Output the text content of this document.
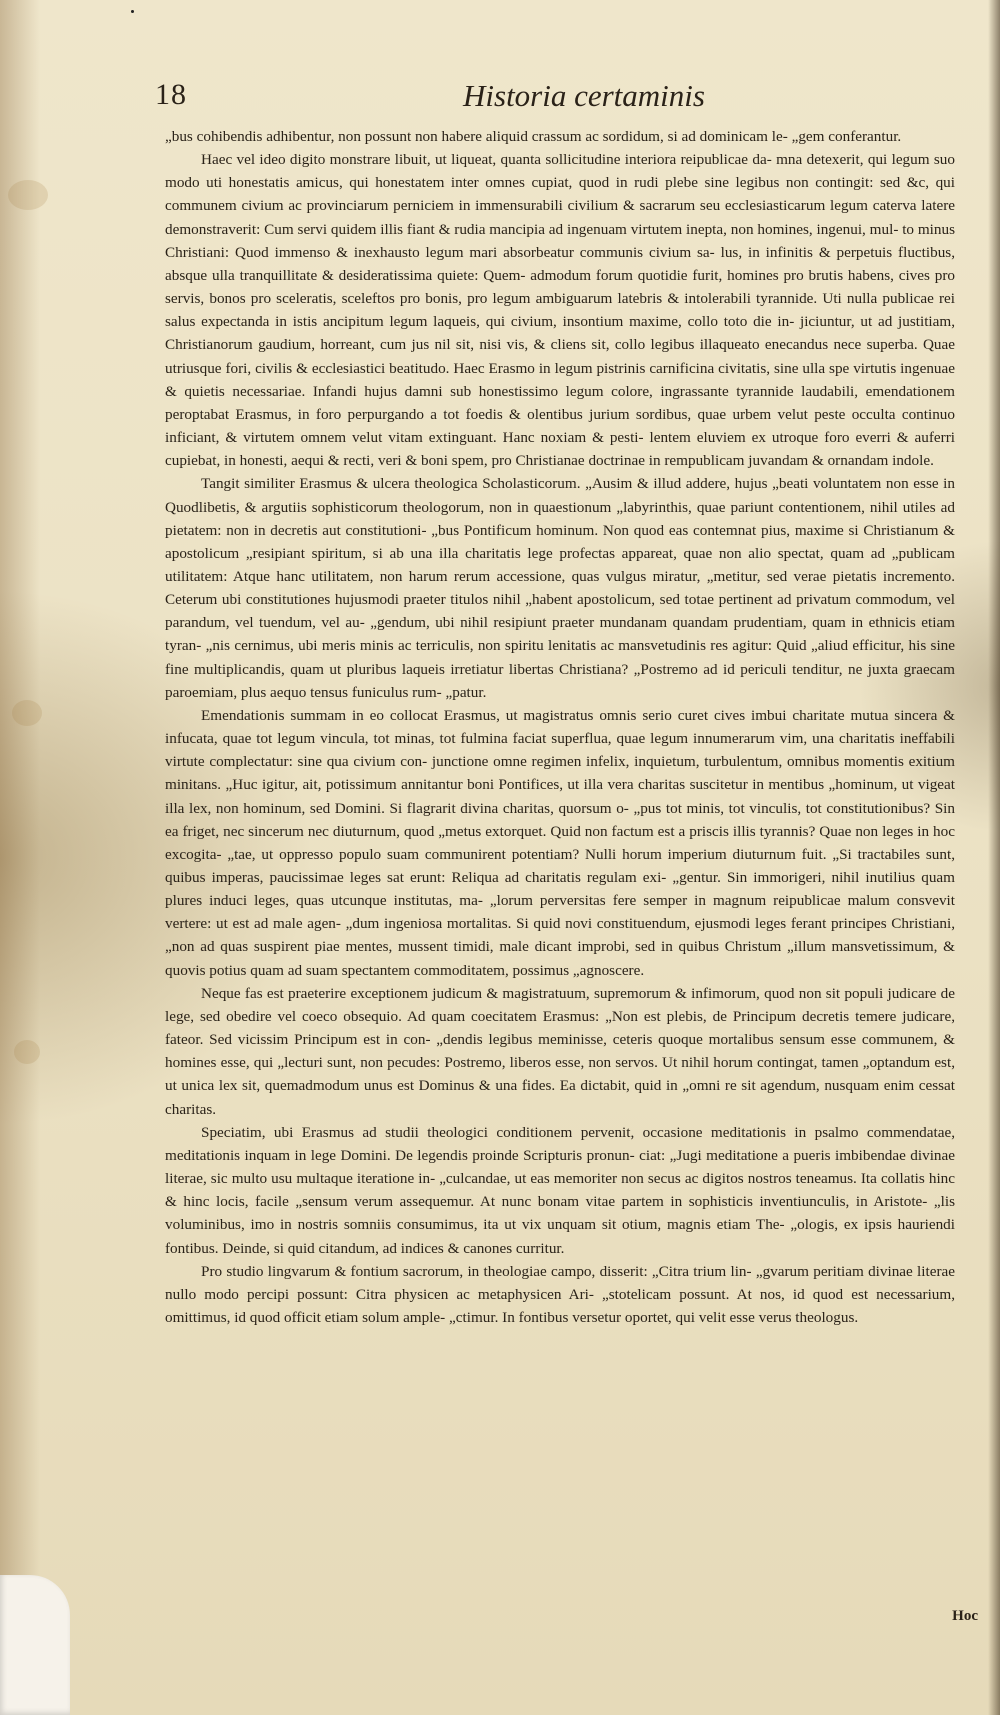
18	Historia certaminis

„bus cohibendis adhibentur, non possunt non habere aliquid crassum ac sordidum, si ad dominicam le- „gem conferantur.

Haec vel ideo digito monstrare libuit, ut liqueat, quanta sollicitudine interiora reipublicae da- mna detexerit, qui legum suo modo uti honestatis amicus, qui honestatem inter omnes cupiat, quod in rudi plebe sine legibus non contingit: sed &c, qui communem civium ac provinciarum perniciem in immensurabili civilium & sacrarum seu ecclesiasticarum legum caterva latere demonstraverit: Cum servi quidem illis fiant & rudia mancipia ad ingenuam virtutem inepta, non homines, ingenui, mul- to minus Christiani: Quod immenso & inexhausto legum mari absorbeatur communis civium sa- lus, in infinitis & perpetuis fluctibus, absque ulla tranquillitate & desideratissima quiete: Quem- admodum forum quotidie furit, homines pro brutis habens, cives pro servis, bonos pro sceleratis, sceleftos pro bonis, pro legum ambiguarum latebris & intolerabili tyrannide. Uti nulla publicae rei salus expectanda in istis ancipitum legum laqueis, qui civium, insontium maxime, collo toto die in- jiciuntur, ut ad justitiam, Christianorum gaudium, horreant, cum jus nil sit, nisi vis, & cliens sit, collo legibus illaqueato enecandus nece superba. Quae utriusque fori, civilis & ecclesiastici beatitudo. Haec Erasmo in legum pistrinis carnificina civitatis, sine ulla spe virtutis ingenuae & quietis necessariae. Infandi hujus damni sub honestissimo legum colore, ingrassante tyrannide laudabili, emendationem peroptabat Erasmus, in foro perpurgando a tot foedis & olentibus jurium sordibus, quae urbem velut peste occulta continuo inficiant, & virtutem omnem velut vitam extinguant. Hanc noxiam & pesti- lentem eluviem ex utroque foro everri & auferri cupiebat, in honesti, aequi & recti, veri & boni spem, pro Christianae doctrinae in rempublicam juvandam & ornandam indole.

Tangit similiter Erasmus & ulcera theologica Scholasticorum. „Ausim & illud addere, hujus „beati voluntatem non esse in Quodlibetis, & argutiis sophisticorum theologorum, non in quaestionum „labyrinthis, quae pariunt contentionem, nihil utiles ad pietatem: non in decretis aut constitutioni- „bus Pontificum hominum. Non quod eas contemnat pius, maxime si Christianum & apostolicum „resipiant spiritum, si ab una illa charitatis lege profectas appareat, quae non alio spectat, quam ad „publicam utilitatem: Atque hanc utilitatem, non harum rerum accessione, quas vulgus miratur, „metitur, sed verae pietatis incremento. Ceterum ubi constitutiones hujusmodi praeter titulos nihil „habent apostolicum, sed totae pertinent ad privatum commodum, vel parandum, vel tuendum, vel au- „gendum, ubi nihil resipiunt praeter mundanam quandam prudentiam, quam in ethnicis etiam tyran- „nis cernimus, ubi meris minis ac terriculis, non spiritu lenitatis ac mansvetudinis res agitur: Quid „aliud efficitur, his sine fine multiplicandis, quam ut pluribus laqueis irretiatur libertas Christiana? „Postremo ad id periculi tenditur, ne juxta graecam paroemiam, plus aequo tensus funiculus rum- „patur.

Emendationis summam in eo collocat Erasmus, ut magistratus omnis serio curet cives imbui charitate mutua sincera & infucata, quae tot legum vincula, tot minas, tot fulmina faciat superflua, quae legum innumerarum vim, una charitatis ineffabili virtute complectatur: sine qua civium con- junctione omne regimen infelix, inquietum, turbulentum, omnibus momentis exitium minitans. „Huc igitur, ait, potissimum annitantur boni Pontifices, ut illa vera charitas suscitetur in mentibus „hominum, ut vigeat illa lex, non hominum, sed Domini. Si flagrarit divina charitas, quorsum o- „pus tot minis, tot vinculis, tot constitutionibus? Sin ea friget, nec sincerum nec diuturnum, quod „metus extorquet. Quid non factum est a priscis illis tyrannis? Quae non leges in hoc excogita- „tae, ut oppresso populo suam communirent potentiam? Nulli horum imperium diuturnum fuit. „Si tractabiles sunt, quibus imperas, paucissimae leges sat erunt: Reliqua ad charitatis regulam exi- „gentur. Sin immorigeri, nihil inutilius quam plures induci leges, quas utcunque institutas, ma- „lorum perversitas fere semper in magnum reipublicae malum consvevit vertere: ut est ad male agen- „dum ingeniosa mortalitas. Si quid novi constituendum, ejusmodi leges ferant principes Christiani, „non ad quas suspirent piae mentes, mussent timidi, male dicant improbi, sed in quibus Christum „illum mansvetissimum, & quovis potius quam ad suam spectantem commoditatem, possimus „agnoscere.

Neque fas est praeterire exceptionem judicum & magistratuum, supremorum & infimorum, quod non sit populi judicare de lege, sed obedire vel coeco obsequio. Ad quam coecitatem Erasmus: „Non est plebis, de Principum decretis temere judicare, fateor. Sed vicissim Principum est in con- „dendis legibus meminisse, ceteris quoque mortalibus sensum esse communem, & homines esse, qui „lecturi sunt, non pecudes: Postremo, liberos esse, non servos. Ut nihil horum contingat, tamen „optandum est, ut unica lex sit, quemadmodum unus est Dominus & una fides. Ea dictabit, quid in „omni re sit agendum, nusquam enim cessat charitas.

Speciatim, ubi Erasmus ad studii theologici conditionem pervenit, occasione meditationis in psalmo commendatae, meditationis inquam in lege Domini. De legendis proinde Scripturis pronun- ciat: „Jugi meditatione a pueris imbibendae divinae literae, sic multo usu multaque iteratione in- „culcandae, ut eas memoriter non secus ac digitos nostros teneamus. Ita collatis hinc & hinc locis, facile „sensum verum assequemur. At nunc bonam vitae partem in sophisticis inventiunculis, in Aristote- „lis voluminibus, imo in nostris somniis consumimus, ita ut vix unquam sit otium, magnis etiam The- „ologis, ex ipsis hauriendi fontibus. Deinde, si quid citandum, ad indices & canones curritur.

Pro studio lingvarum & fontium sacrorum, in theologiae campo, disserit: „Citra trium lin- „gvarum peritiam divinae literae nullo modo percipi possunt: Citra physicen ac metaphysicen Ari- „stotelicam possunt. At nos, id quod est necessarium, omittimus, id quod officit etiam solum ample- „ctimur. In fontibus versetur oportet, qui velit esse verus theologus.

Hoc
